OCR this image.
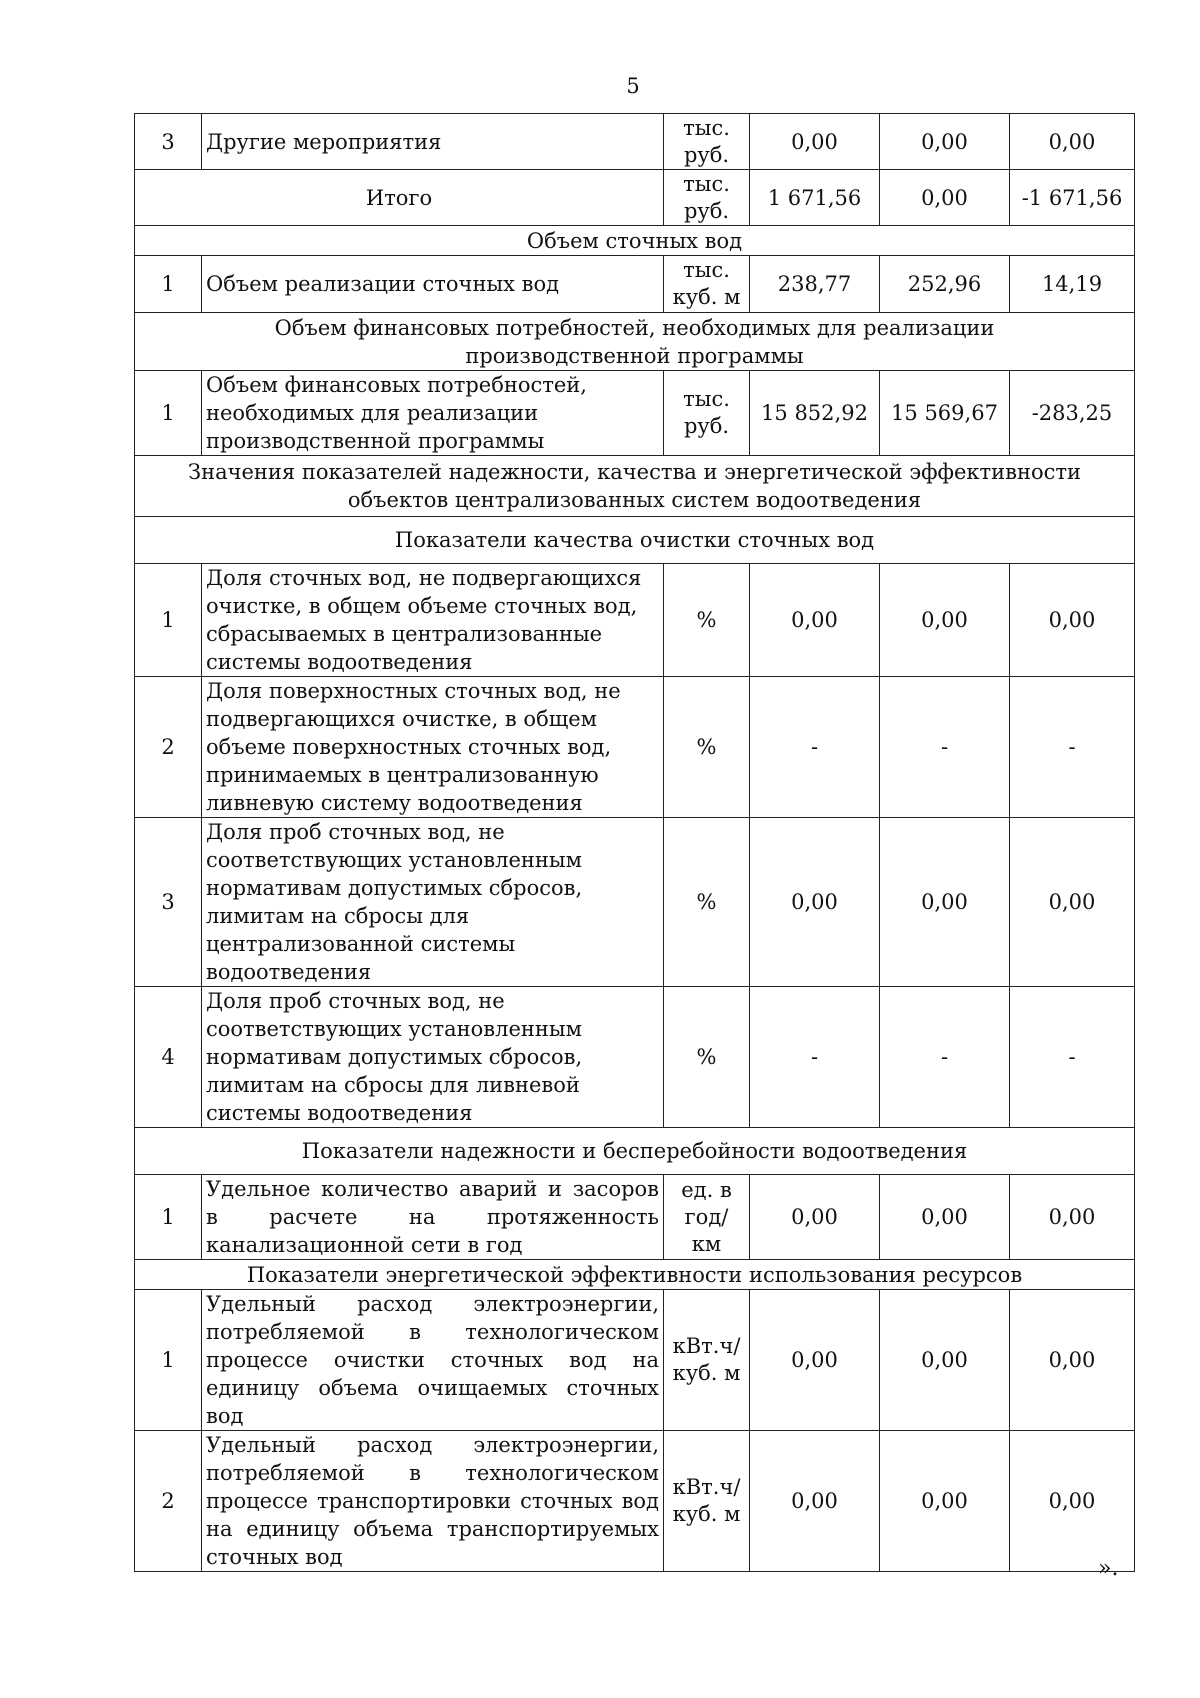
5
3	Другие мероприятия	тыс. руб.	0,00	0,00	0,00
Итого		тыс. руб.	1 671,56	0,00	-1 671,56
Объем сточных вод					
1	Объем реализации сточных вод	тыс. куб. м	238,77	252,96	14,19
Объем финансовых потребностей, необходимых для реализации производственной программы					
1	Объем финансовых потребностей, необходимых для реализации производственной программы	тыс. руб.	15 852,92	15 569,67	-283,25
Значения показателей надежности, качества и энергетической эффективности объектов централизованных систем водоотведения					
Показатели качества очистки сточных вод					
1	Доля сточных вод, не подвергающихся очистке, в общем объеме сточных вод, сбрасываемых в централизованные системы водоотведения	%	0,00	0,00	0,00
2	Доля поверхностных сточных вод, не подвергающихся очистке, в общем объеме поверхностных сточных вод, принимаемых в централизованную ливневую систему водоотведения	%	-	-	-
3	Доля проб сточных вод, не соответствующих установленным нормативам допустимых сбросов, лимитам на сбросы для централизованной системы водоотведения	%	0,00	0,00	0,00
4	Доля проб сточных вод, не соответствующих установленным нормативам допустимых сбросов, лимитам на сбросы для ливневой системы водоотведения	%	-	-	-
Показатели надежности и бесперебойности водоотведения					
1	Удельное количество аварий и засоров в расчете на протяженность канализационной сети в год	ед. в год/ км	0,00	0,00	0,00
Показатели энергетической эффективности использования ресурсов					
1	Удельный расход электроэнергии, потребляемой в технологическом процессе очистки сточных вод на единицу объема очищаемых сточных вод	кВт.ч/ куб. м	0,00	0,00	0,00
2	Удельный расход электроэнергии, потребляемой в технологическом процессе транспортировки сточных вод на единицу объема транспортируемых сточных вод	кВт.ч/ куб. м	0,00	0,00	0,00
».
